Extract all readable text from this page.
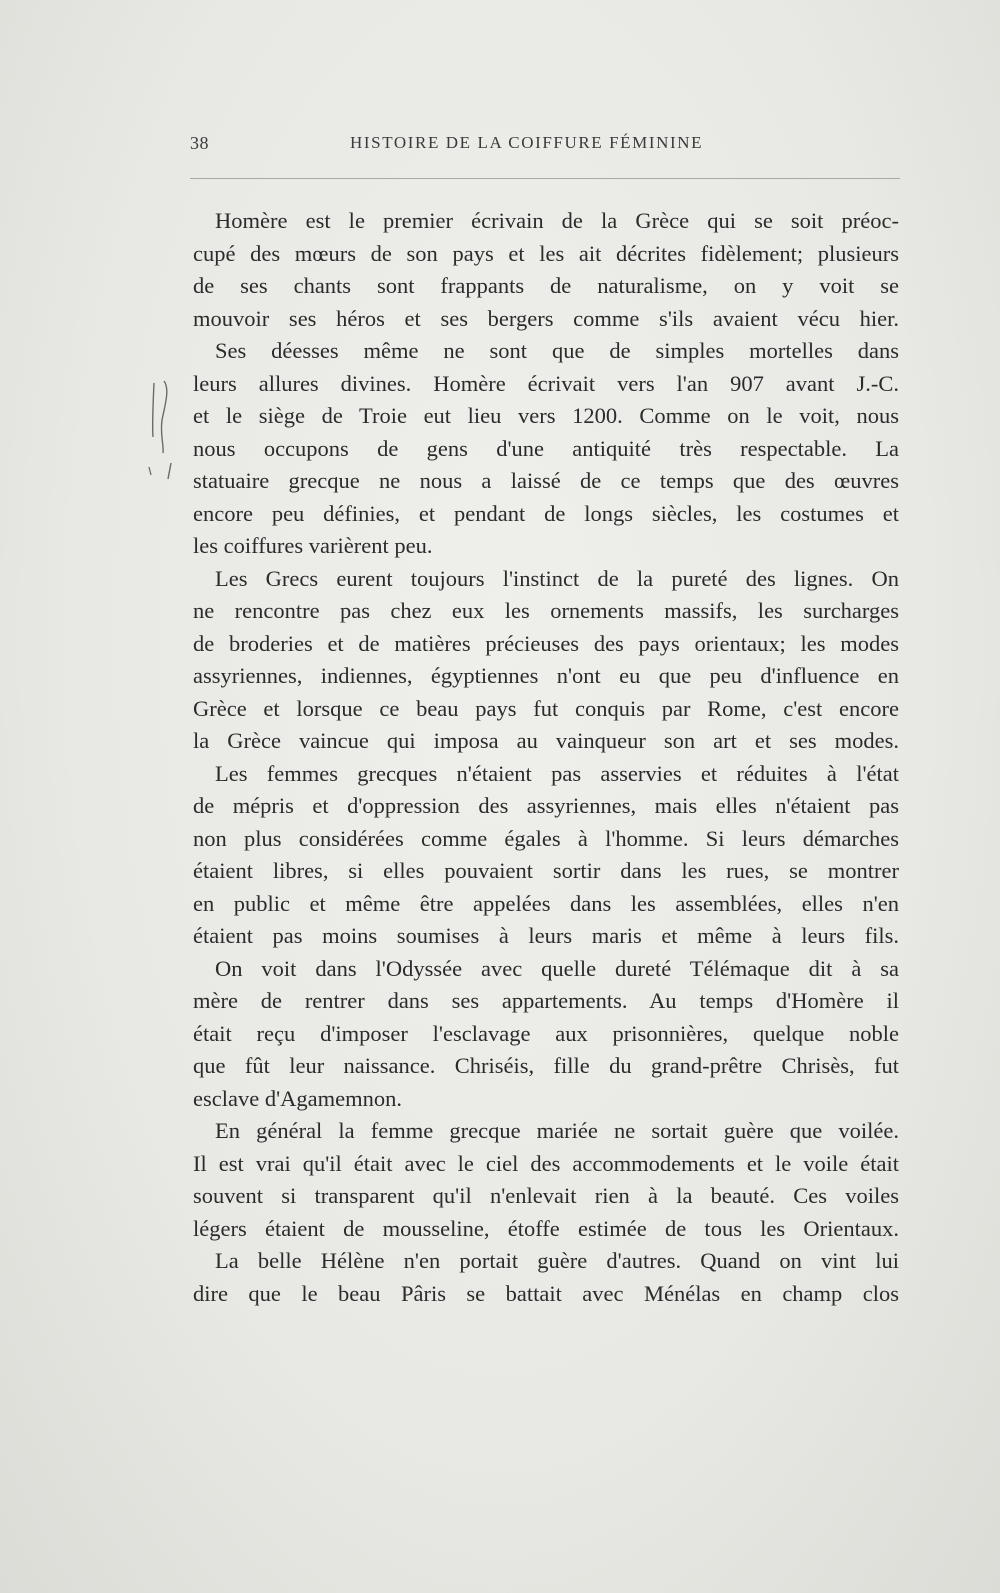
38	HISTOIRE DE LA COIFFURE FÉMININE
Homère est le premier écrivain de la Grèce qui se soit préoc-
cupé des mœurs de son pays et les ait décrites fidèlement; plusieurs
de ses chants sont frappants de naturalisme, on y voit se
mouvoir ses héros et ses bergers comme s'ils avaient vécu hier.
Ses déesses même ne sont que de simples mortelles dans
leurs allures divines. Homère écrivait vers l'an 907 avant J.-C.
et le siège de Troie eut lieu vers 1200. Comme on le voit, nous
nous occupons de gens d'une antiquité très respectable. La
statuaire grecque ne nous a laissé de ce temps que des œuvres
encore peu définies, et pendant de longs siècles, les costumes et
les coiffures varièrent peu.
Les Grecs eurent toujours l'instinct de la pureté des lignes. On
ne rencontre pas chez eux les ornements massifs, les surcharges
de broderies et de matières précieuses des pays orientaux; les modes
assyriennes, indiennes, égyptiennes n'ont eu que peu d'influence en
Grèce et lorsque ce beau pays fut conquis par Rome, c'est encore
la Grèce vaincue qui imposa au vainqueur son art et ses modes.
Les femmes grecques n'étaient pas asservies et réduites à l'état
de mépris et d'oppression des assyriennes, mais elles n'étaient pas
non plus considérées comme égales à l'homme. Si leurs démarches
étaient libres, si elles pouvaient sortir dans les rues, se montrer
en public et même être appelées dans les assemblées, elles n'en
étaient pas moins soumises à leurs maris et même à leurs fils.
On voit dans l'Odyssée avec quelle dureté Télémaque dit à sa
mère de rentrer dans ses appartements. Au temps d'Homère il
était reçu d'imposer l'esclavage aux prisonnières, quelque noble
que fût leur naissance. Chriséis, fille du grand-prêtre Chrisès, fut
esclave d'Agamemnon.
En général la femme grecque mariée ne sortait guère que voilée.
Il est vrai qu'il était avec le ciel des accommodements et le voile était
souvent si transparent qu'il n'enlevait rien à la beauté. Ces voiles
légers étaient de mousseline, étoffe estimée de tous les Orientaux.
La belle Hélène n'en portait guère d'autres. Quand on vint lui
dire que le beau Pâris se battait avec Ménélas en champ clos
